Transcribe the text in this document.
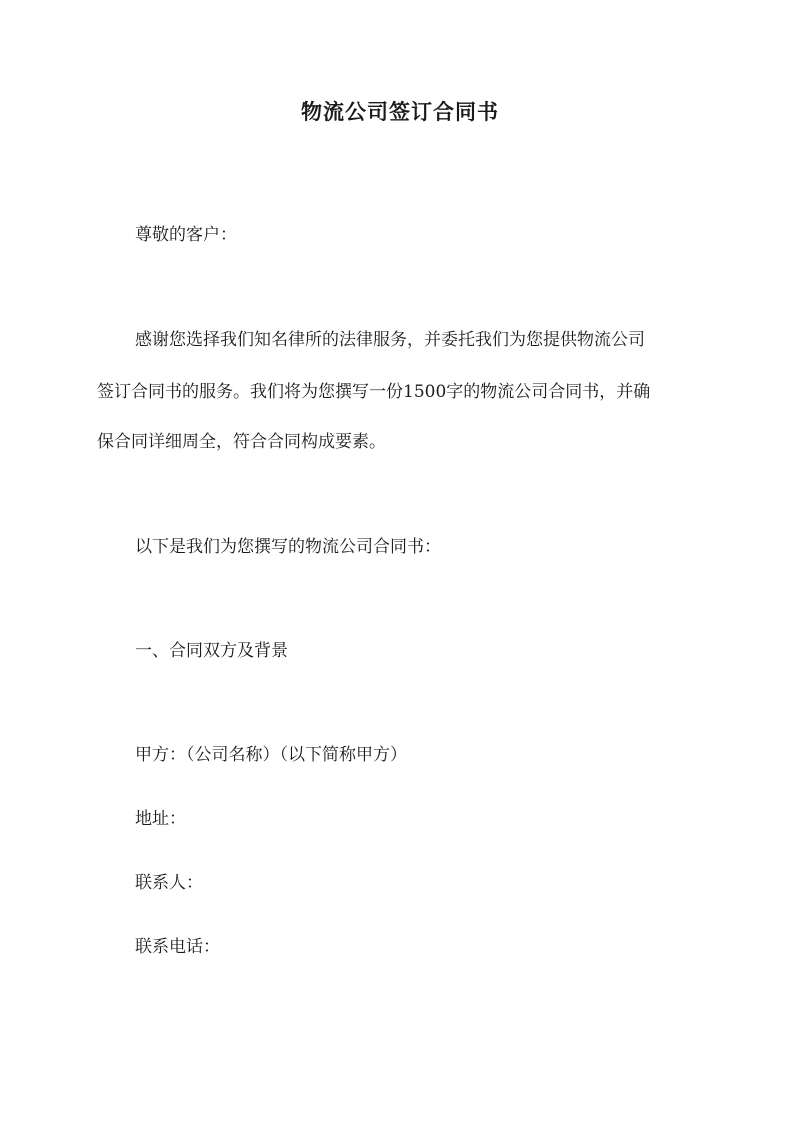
物流公司签订合同书
尊敬的客户：
感谢您选择我们知名律所的法律服务，并委托我们为您提供物流公司
签订合同书的服务。我们将为您撰写一份1500字的物流公司合同书，并确
保合同详细周全，符合合同构成要素。
以下是我们为您撰写的物流公司合同书：
一、合同双方及背景
甲方：（公司名称）（以下简称甲方）
地址：
联系人：
联系电话：
